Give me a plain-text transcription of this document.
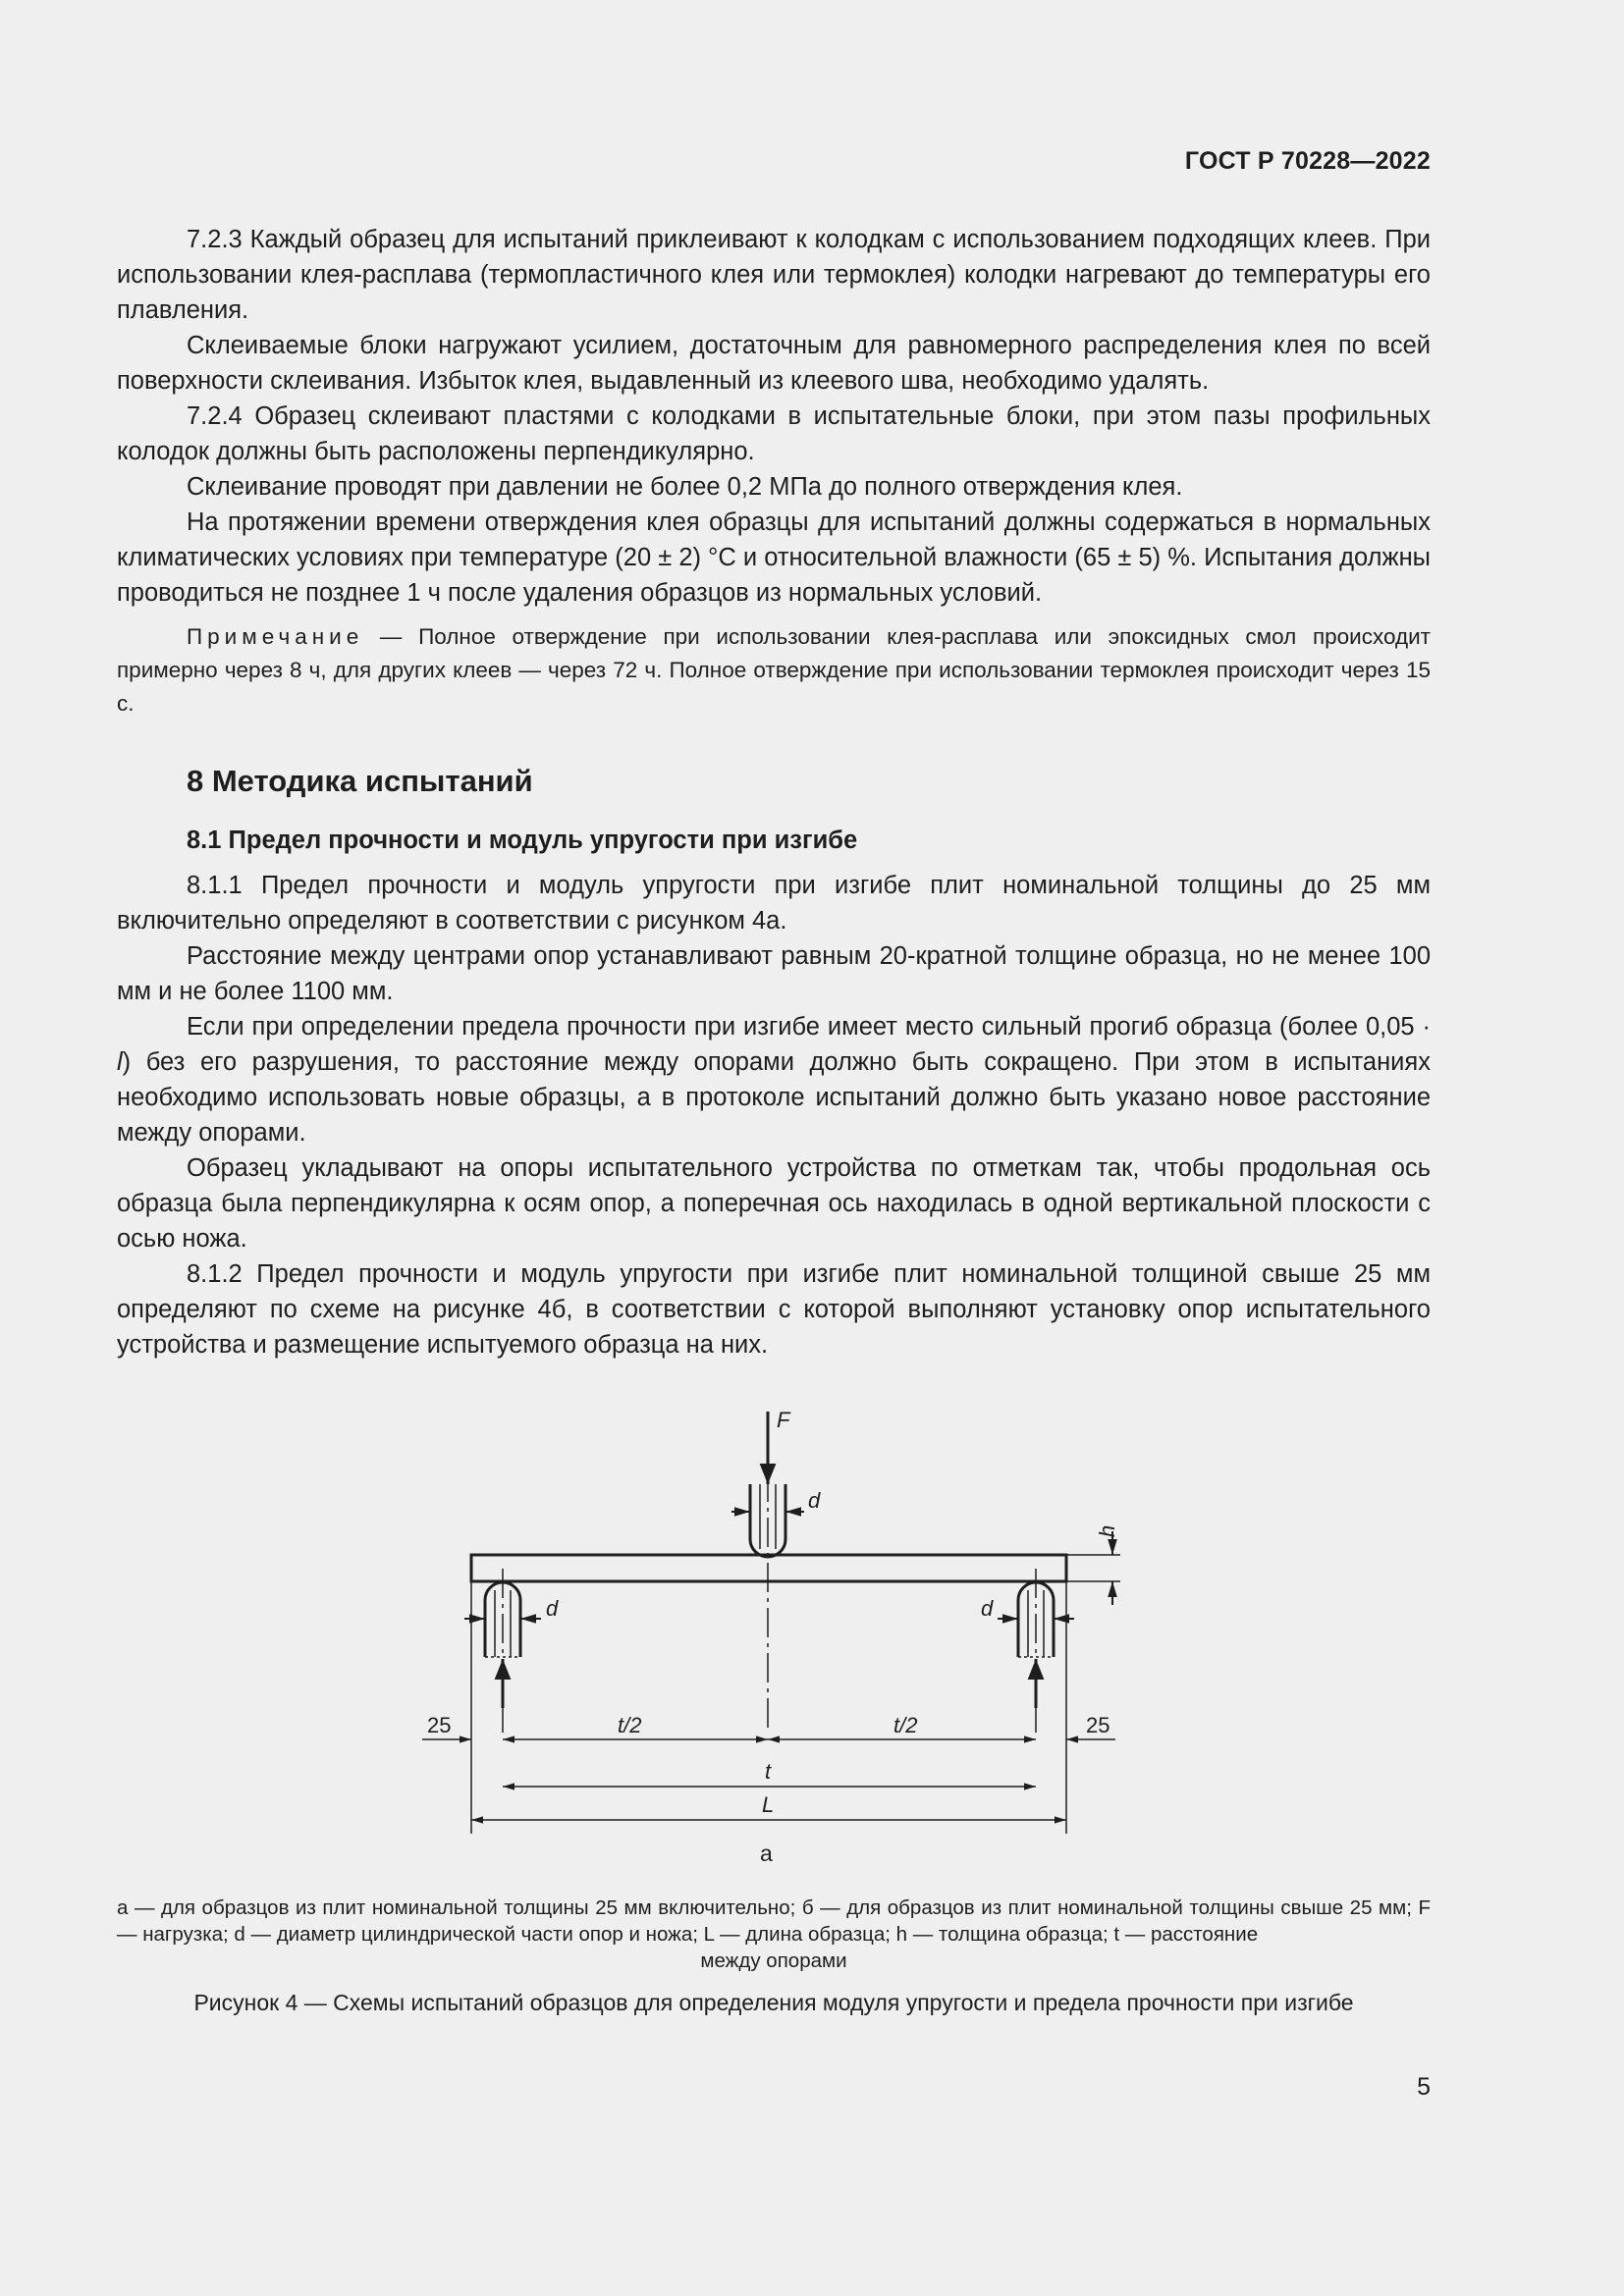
ГОСТ Р 70228—2022

7.2.3 Каждый образец для испытаний приклеивают к колодкам с использованием подходящих клеев. При использовании клея-расплава (термопластичного клея или термоклея) колодки нагревают до температуры его плавления.

Склеиваемые блоки нагружают усилием, достаточным для равномерного распределения клея по всей поверхности склеивания. Избыток клея, выдавленный из клеевого шва, необходимо удалять.

7.2.4 Образец склеивают пластями с колодками в испытательные блоки, при этом пазы профильных колодок должны быть расположены перпендикулярно.

Склеивание проводят при давлении не более 0,2 МПа до полного отверждения клея.

На протяжении времени отверждения клея образцы для испытаний должны содержаться в нормальных климатических условиях при температуре (20 ± 2) °С и относительной влажности (65 ± 5) %. Испытания должны проводиться не позднее 1 ч после удаления образцов из нормальных условий.

Примечание — Полное отверждение при использовании клея-расплава или эпоксидных смол происходит примерно через 8 ч, для других клеев — через 72 ч. Полное отверждение при использовании термоклея происходит через 15 с.

8 Методика испытаний
8.1 Предел прочности и модуль упругости при изгибе

8.1.1 Предел прочности и модуль упругости при изгибе плит номинальной толщины до 25 мм включительно определяют в соответствии с рисунком 4а.

Расстояние между центрами опор устанавливают равным 20-кратной толщине образца, но не менее 100 мм и не более 1100 мм.

Если при определении предела прочности при изгибе имеет место сильный прогиб образца (более 0,05 · l) без его разрушения, то расстояние между опорами должно быть сокращено. При этом в испытаниях необходимо использовать новые образцы, а в протоколе испытаний должно быть указано новое расстояние между опорами.

Образец укладывают на опоры испытательного устройства по отметкам так, чтобы продольная ось образца была перпендикулярна к осям опор, а поперечная ось находилась в одной вертикальной плоскости с осью ножа.

8.1.2 Предел прочности и модуль упругости при изгибе плит номинальной толщиной свыше 25 мм определяют по схеме на рисунке 4б, в соответствии с которой выполняют установку опор испытательного устройства и размещение испытуемого образца на них.

F
d
h
d	d
25	t/2	t/2	25
t
L
а
а — для образцов из плит номинальной толщины 25 мм включительно; б — для образцов из плит номинальной толщины свыше 25 мм; F — нагрузка; d — диаметр цилиндрической части опор и ножа; L — длина образца; h — толщина образца; t — расстояние
между опорами
Рисунок 4 — Схемы испытаний образцов для определения модуля упругости и предела прочности при изгибе
5
